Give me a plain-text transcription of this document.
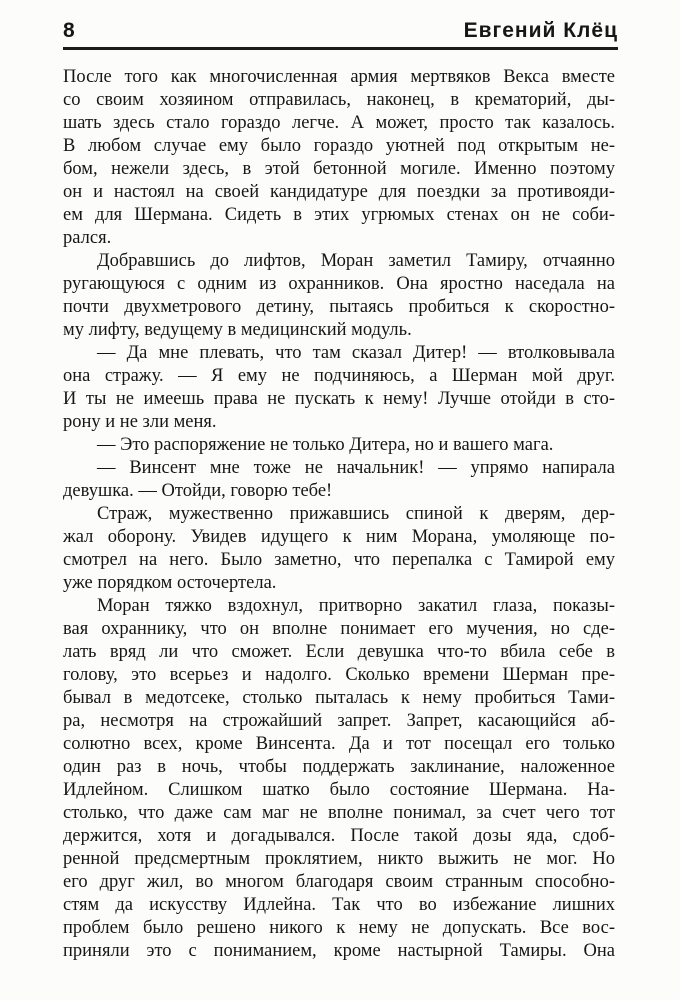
8	Евгений Клёц
После того как многочисленная армия мертвяков Векса вместе
со своим хозяином отправилась, наконец, в крематорий, ды-
шать здесь стало гораздо легче. А может, просто так казалось.
В любом случае ему было гораздо уютней под открытым не-
бом, нежели здесь, в этой бетонной могиле. Именно поэтому
он и настоял на своей кандидатуре для поездки за противояди-
ем для Шермана. Сидеть в этих угрюмых стенах он не соби-
рался.
Добравшись до лифтов, Моран заметил Тамиру, отчаянно
ругающуюся с одним из охранников. Она яростно наседала на
почти двухметрового детину, пытаясь пробиться к скоростно-
му лифту, ведущему в медицинский модуль.
— Да мне плевать, что там сказал Дитер! — втолковывала
она стражу. — Я ему не подчиняюсь, а Шерман мой друг.
И ты не имеешь права не пускать к нему! Лучше отойди в сто-
рону и не зли меня.
— Это распоряжение не только Дитера, но и вашего мага.
— Винсент мне тоже не начальник! — упрямо напирала
девушка. — Отойди, говорю тебе!
Страж, мужественно прижавшись спиной к дверям, дер-
жал оборону. Увидев идущего к ним Морана, умоляюще по-
смотрел на него. Было заметно, что перепалка с Тамирой ему
уже порядком осточертела.
Моран тяжко вздохнул, притворно закатил глаза, показы-
вая охраннику, что он вполне понимает его мучения, но сде-
лать вряд ли что сможет. Если девушка что-то вбила себе в
голову, это всерьез и надолго. Сколько времени Шерман пре-
бывал в медотсеке, столько пыталась к нему пробиться Тами-
ра, несмотря на строжайший запрет. Запрет, касающийся аб-
солютно всех, кроме Винсента. Да и тот посещал его только
один раз в ночь, чтобы поддержать заклинание, наложенное
Идлейном. Слишком шатко было состояние Шермана. На-
столько, что даже сам маг не вполне понимал, за счет чего тот
держится, хотя и догадывался. После такой дозы яда, сдоб-
ренной предсмертным проклятием, никто выжить не мог. Но
его друг жил, во многом благодаря своим странным способно-
стям да искусству Идлейна. Так что во избежание лишних
проблем было решено никого к нему не допускать. Все вос-
приняли это с пониманием, кроме настырной Тамиры. Она
